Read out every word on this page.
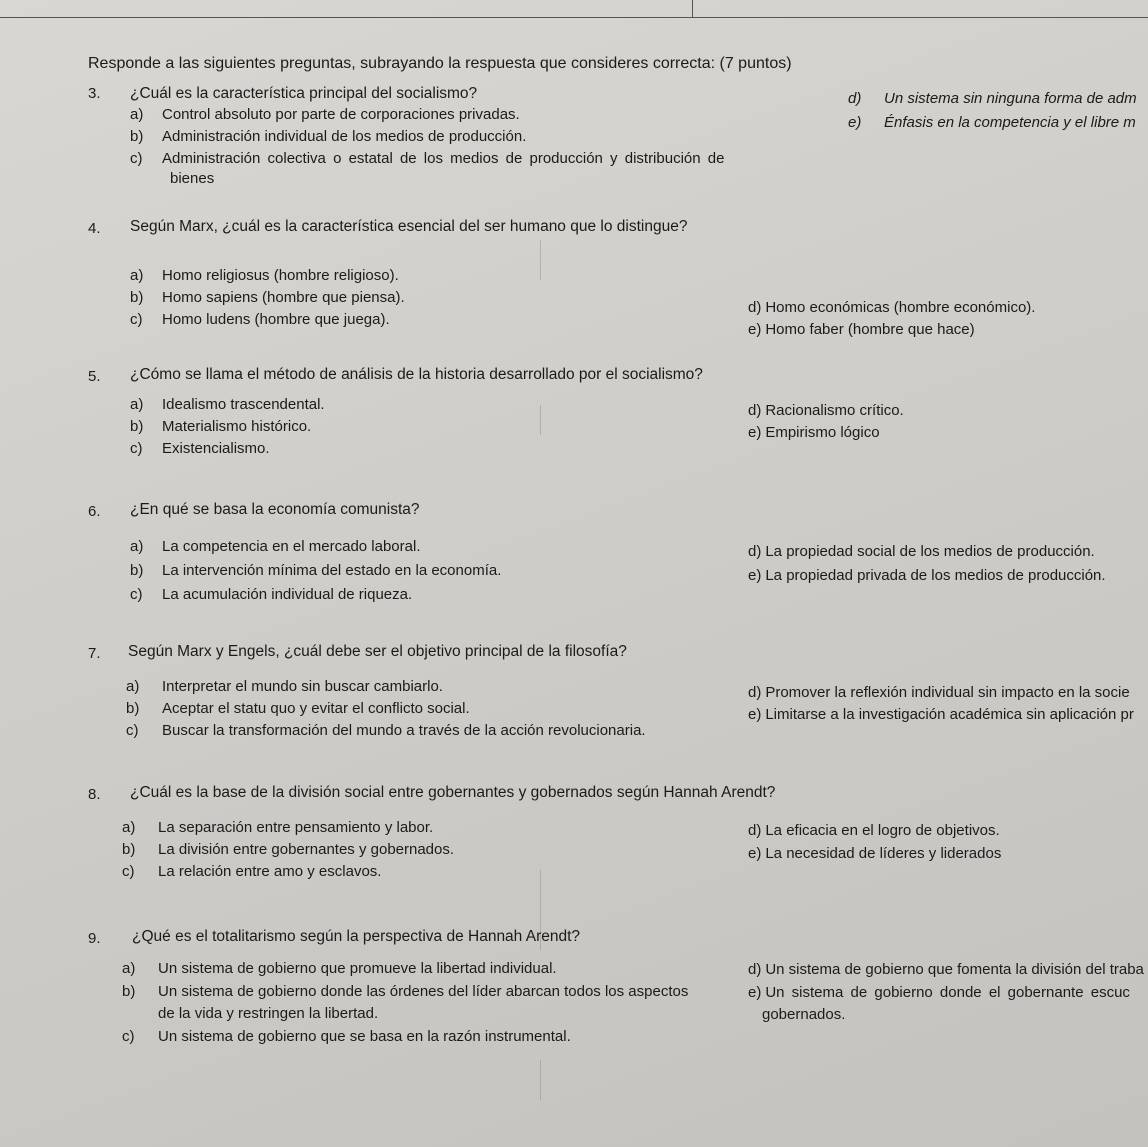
Responde a las siguientes preguntas, subrayando la respuesta que consideres correcta: (7 puntos)
3. ¿Cuál es la característica principal del socialismo?
a) Control absoluto por parte de corporaciones privadas.
b) Administración individual de los medios de producción.
c) Administración colectiva o estatal de los medios de producción y distribución de
bienes
d) Un sistema sin ninguna forma de adm
e) Énfasis en la competencia y el libre m
4. Según Marx, ¿cuál es la característica esencial del ser humano que lo distingue?
a) Homo religiosus (hombre religioso).
b) Homo sapiens (hombre que piensa).
c) Homo ludens (hombre que juega).
d) Homo económicas (hombre económico).
e) Homo faber (hombre que hace)
5. ¿Cómo se llama el método de análisis de la historia desarrollado por el socialismo?
a) Idealismo trascendental.
b) Materialismo histórico.
c) Existencialismo.
d) Racionalismo crítico.
e) Empirismo lógico
6. ¿En qué se basa la economía comunista?
a) La competencia en el mercado laboral.
b) La intervención mínima del estado en la economía.
c) La acumulación individual de riqueza.
d) La propiedad social de los medios de producción.
e) La propiedad privada de los medios de producción.
7. Según Marx y Engels, ¿cuál debe ser el objetivo principal de la filosofía?
a) Interpretar el mundo sin buscar cambiarlo.
b) Aceptar el statu quo y evitar el conflicto social.
c) Buscar la transformación del mundo a través de la acción revolucionaria.
d) Promover la reflexión individual sin impacto en la socie
e) Limitarse a la investigación académica sin aplicación pr
8. ¿Cuál es la base de la división social entre gobernantes y gobernados según Hannah Arendt?
a) La separación entre pensamiento y labor.
b) La división entre gobernantes y gobernados.
c) La relación entre amo y esclavos.
d) La eficacia en el logro de objetivos.
e) La necesidad de líderes y liderados
9. ¿Qué es el totalitarismo según la perspectiva de Hannah Arendt?
a) Un sistema de gobierno que promueve la libertad individual.
b) Un sistema de gobierno donde las órdenes del líder abarcan todos los aspectos
de la vida y restringen la libertad.
c) Un sistema de gobierno que se basa en la razón instrumental.
d) Un sistema de gobierno que fomenta la división del traba
e) Un sistema de gobierno donde el gobernante escuc
gobernados.
